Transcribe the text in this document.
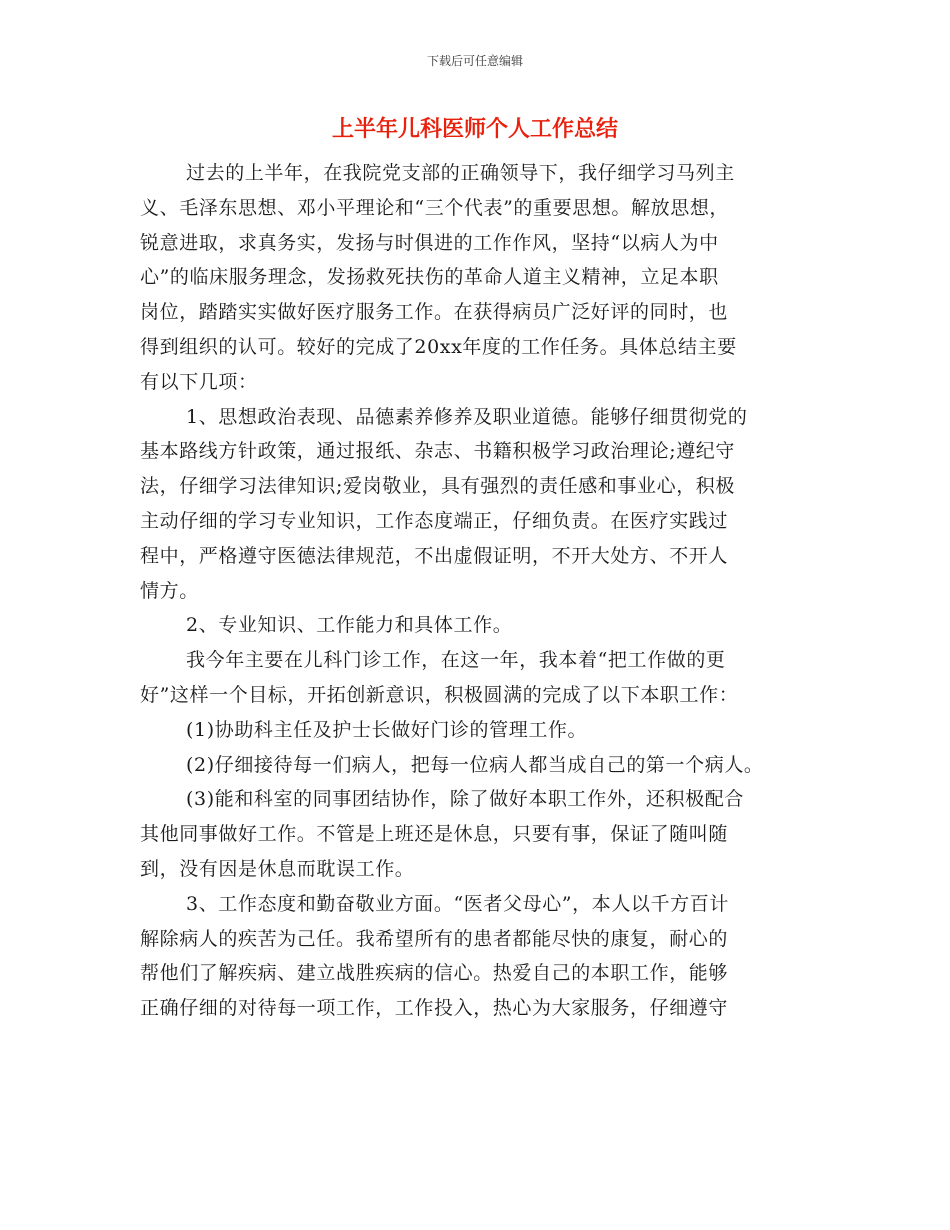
下载后可任意编辑
上半年儿科医师个人工作总结
过去的上半年，在我院党支部的正确领导下，我仔细学习马列主
义、毛泽东思想、邓小平理论和“三个代表”的重要思想。解放思想，
锐意进取，求真务实，发扬与时俱进的工作作风，坚持“以病人为中
心”的临床服务理念，发扬救死扶伤的革命人道主义精神，立足本职
岗位，踏踏实实做好医疗服务工作。在获得病员广泛好评的同时，也
得到组织的认可。较好的完成了20xx年度的工作任务。具体总结主要
有以下几项：
1、思想政治表现、品德素养修养及职业道德。能够仔细贯彻党的
基本路线方针政策，通过报纸、杂志、书籍积极学习政治理论;遵纪守
法，仔细学习法律知识;爱岗敬业，具有强烈的责任感和事业心，积极
主动仔细的学习专业知识，工作态度端正，仔细负责。在医疗实践过
程中，严格遵守医德法律规范，不出虚假证明，不开大处方、不开人
情方。
2、专业知识、工作能力和具体工作。
我今年主要在儿科门诊工作，在这一年，我本着“把工作做的更
好”这样一个目标，开拓创新意识，积极圆满的完成了以下本职工作：
(1)协助科主任及护士长做好门诊的管理工作。
(2)仔细接待每一们病人，把每一位病人都当成自己的第一个病人。
(3)能和科室的同事团结协作，除了做好本职工作外，还积极配合
其他同事做好工作。不管是上班还是休息，只要有事，保证了随叫随
到，没有因是休息而耽误工作。
3、工作态度和勤奋敬业方面。“医者父母心”，本人以千方百计
解除病人的疾苦为己任。我希望所有的患者都能尽快的康复，耐心的
帮他们了解疾病、建立战胜疾病的信心。热爱自己的本职工作，能够
正确仔细的对待每一项工作，工作投入，热心为大家服务，仔细遵守
